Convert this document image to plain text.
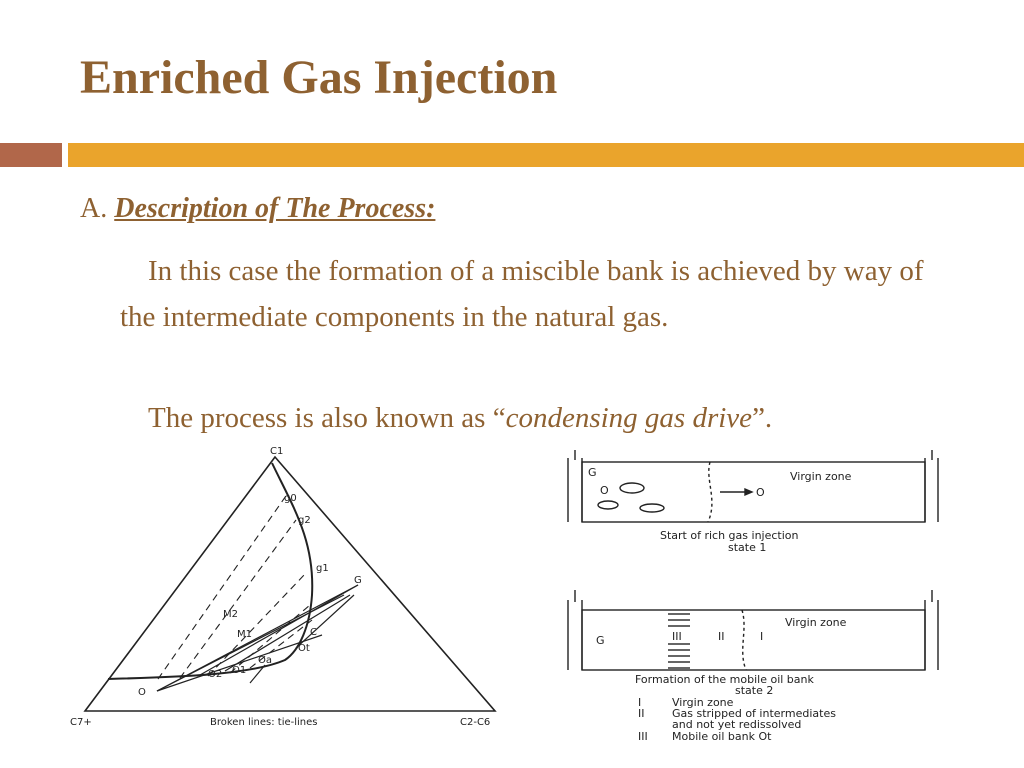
Enriched Gas Injection

A. Description of The Process:

In this case the formation of a miscible bank is achieved by way of the intermediate components in the natural gas.

The process is also known as “condensing gas drive”.

C1
C7+	C2-C6
Broken lines: tie-lines
g0
g2
g1
G
M2
M1	C
O
O2 O1
Oa
Ot
G	Virgin zone
O	O
Start of rich gas injection
state 1
G
Virgin zone
III	II	I
Formation of the mobile oil bank
state 2
I	Virgin zone
II	Gas stripped of intermediates
and not yet redissolved
III Mobile oil bank Ot
